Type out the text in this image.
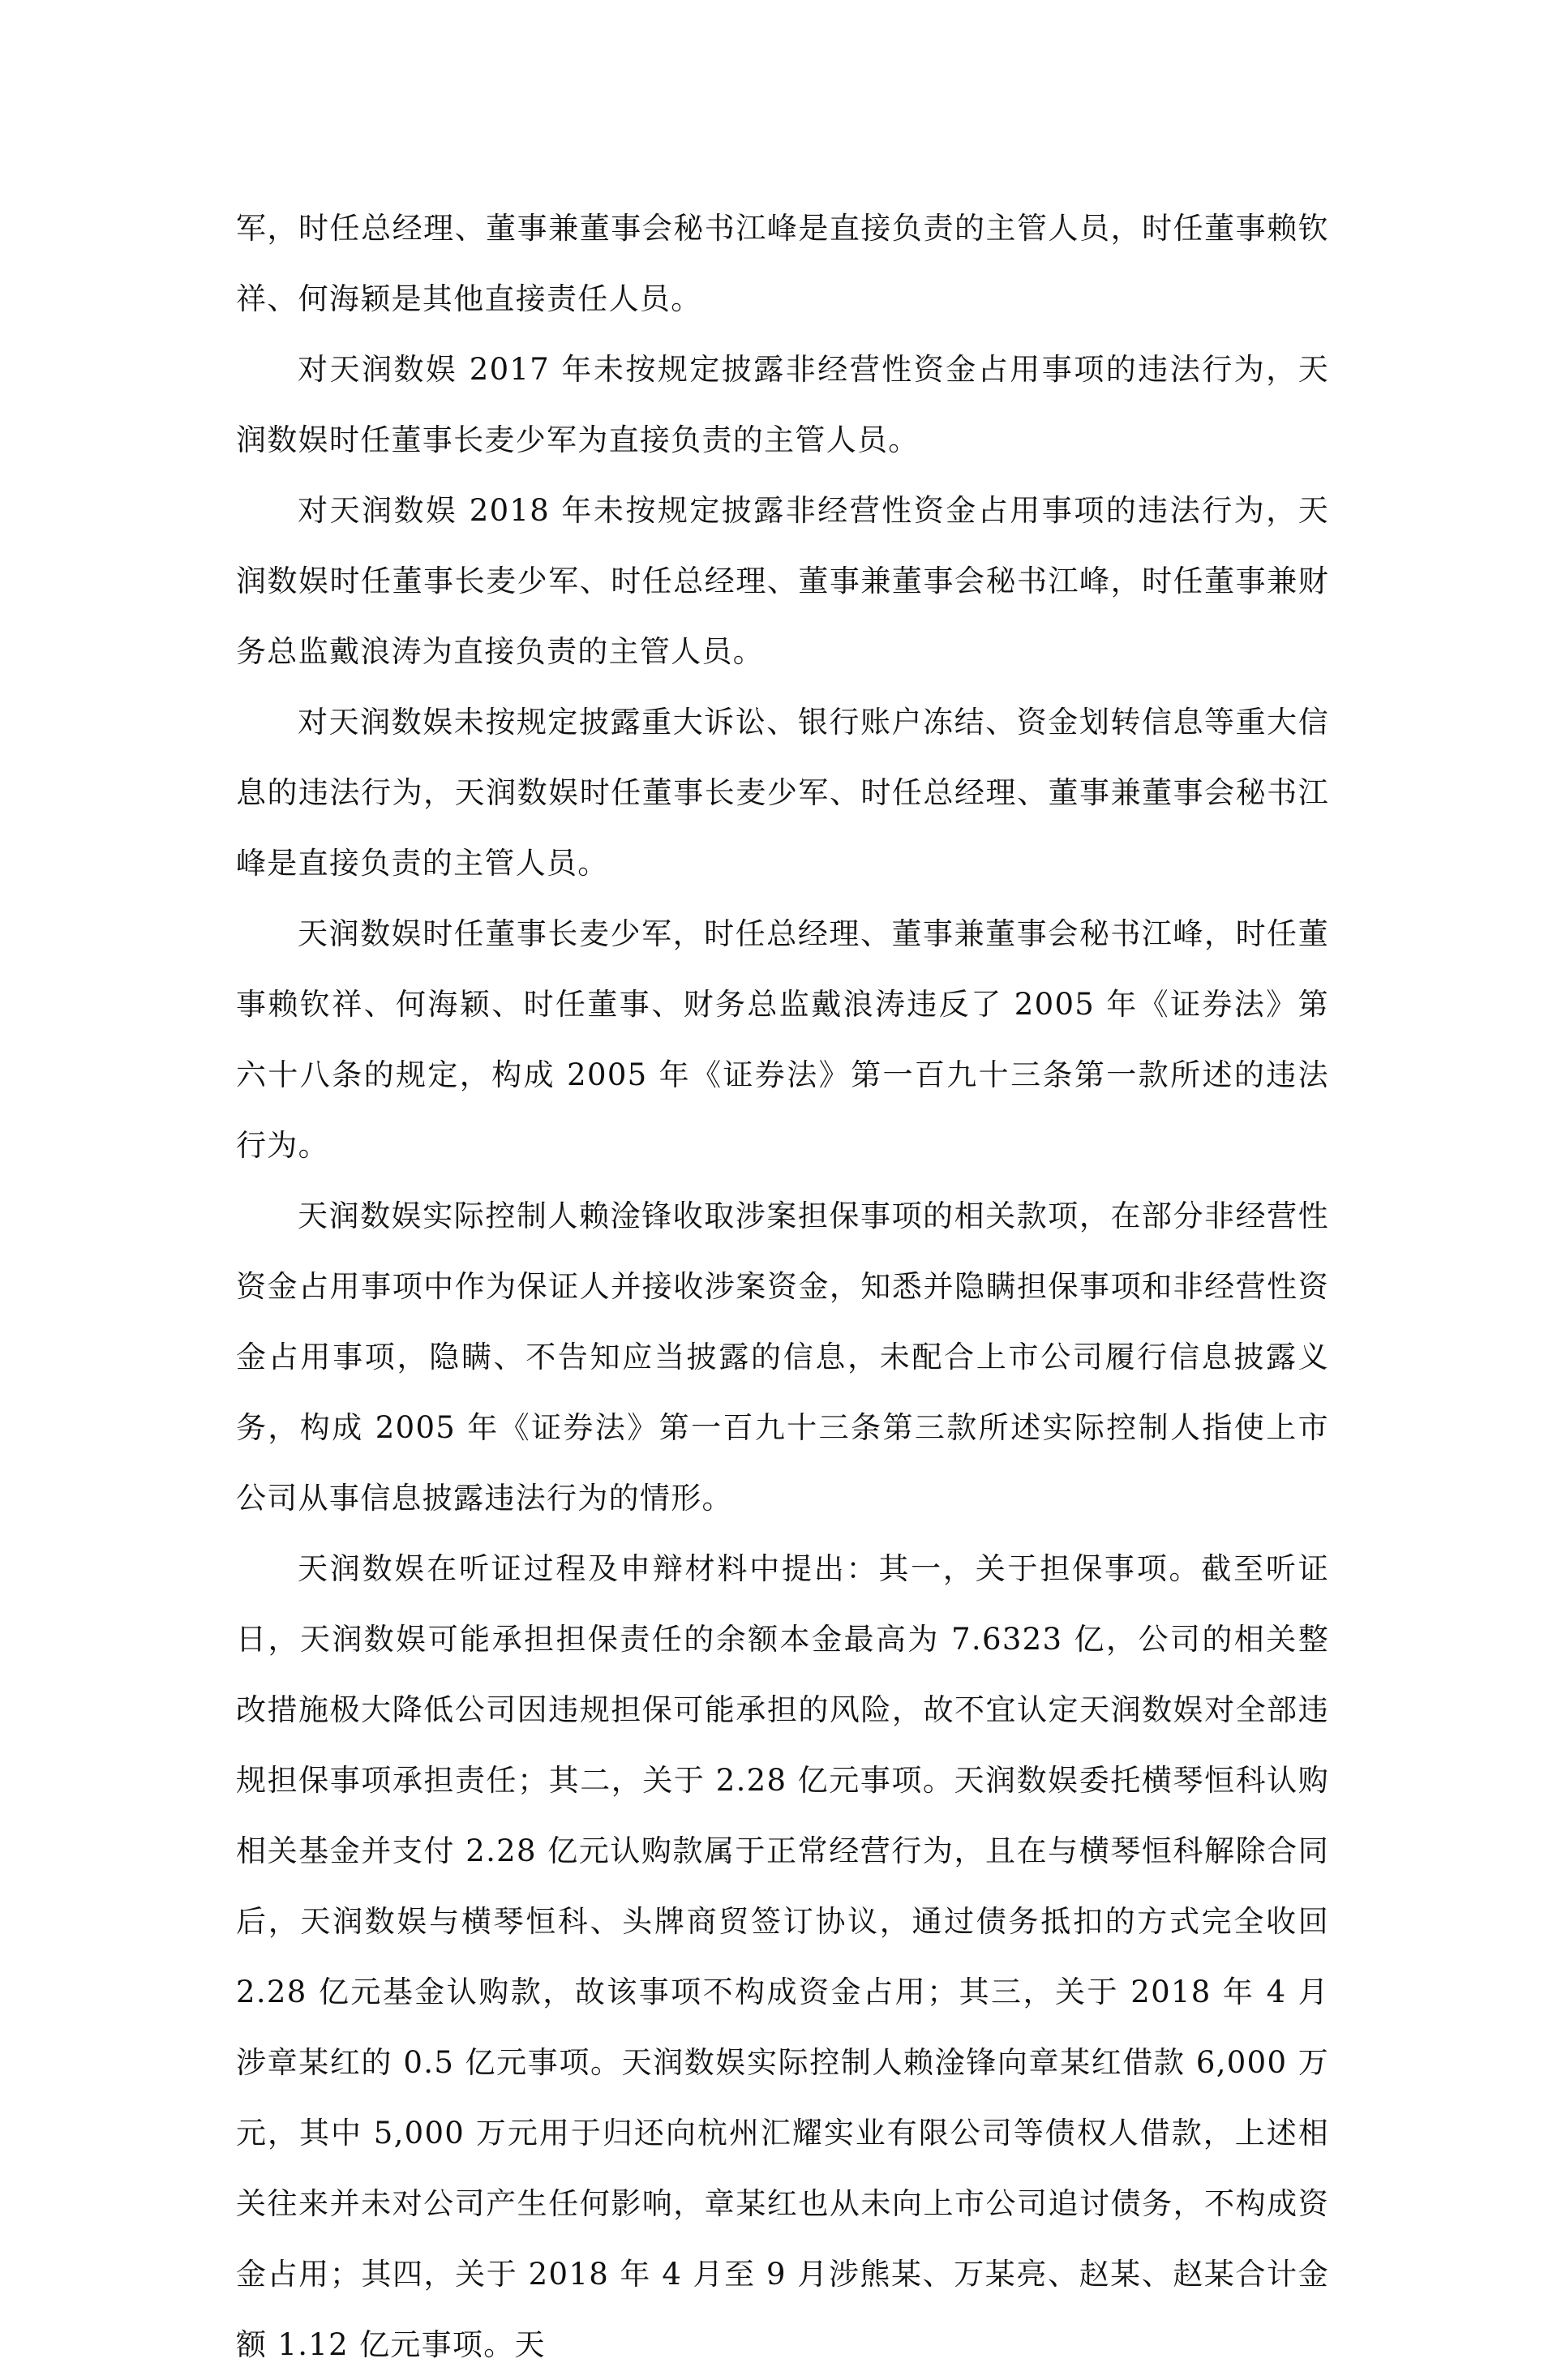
军，时任总经理、董事兼董事会秘书江峰是直接负责的主管人员，时任董事赖钦祥、何海颖是其他直接责任人员。

对天润数娱 2017 年未按规定披露非经营性资金占用事项的违法行为，天润数娱时任董事长麦少军为直接负责的主管人员。

对天润数娱 2018 年未按规定披露非经营性资金占用事项的违法行为，天润数娱时任董事长麦少军、时任总经理、董事兼董事会秘书江峰，时任董事兼财务总监戴浪涛为直接负责的主管人员。

对天润数娱未按规定披露重大诉讼、银行账户冻结、资金划转信息等重大信息的违法行为，天润数娱时任董事长麦少军、时任总经理、董事兼董事会秘书江峰是直接负责的主管人员。

天润数娱时任董事长麦少军，时任总经理、董事兼董事会秘书江峰，时任董事赖钦祥、何海颖、时任董事、财务总监戴浪涛违反了 2005 年《证券法》第六十八条的规定，构成 2005 年《证券法》第一百九十三条第一款所述的违法行为。

天润数娱实际控制人赖淦锋收取涉案担保事项的相关款项，在部分非经营性资金占用事项中作为保证人并接收涉案资金，知悉并隐瞒担保事项和非经营性资金占用事项，隐瞒、不告知应当披露的信息，未配合上市公司履行信息披露义务，构成 2005 年《证券法》第一百九十三条第三款所述实际控制人指使上市公司从事信息披露违法行为的情形。

天润数娱在听证过程及申辩材料中提出：其一，关于担保事项。截至听证日，天润数娱可能承担担保责任的余额本金最高为 7.6323 亿，公司的相关整改措施极大降低公司因违规担保可能承担的风险，故不宜认定天润数娱对全部违规担保事项承担责任；其二，关于 2.28 亿元事项。天润数娱委托横琴恒科认购相关基金并支付 2.28 亿元认购款属于正常经营行为，且在与横琴恒科解除合同后，天润数娱与横琴恒科、头牌商贸签订协议，通过债务抵扣的方式完全收回 2.28 亿元基金认购款，故该事项不构成资金占用；其三，关于 2018 年 4 月涉章某红的 0.5 亿元事项。天润数娱实际控制人赖淦锋向章某红借款 6,000 万元，其中 5,000 万元用于归还向杭州汇耀实业有限公司等债权人借款，上述相关往来并未对公司产生任何影响，章某红也从未向上市公司追讨债务，不构成资金占用；其四，关于 2018 年 4 月至 9 月涉熊某、万某亮、赵某、赵某合计金额 1.12 亿元事项。天
